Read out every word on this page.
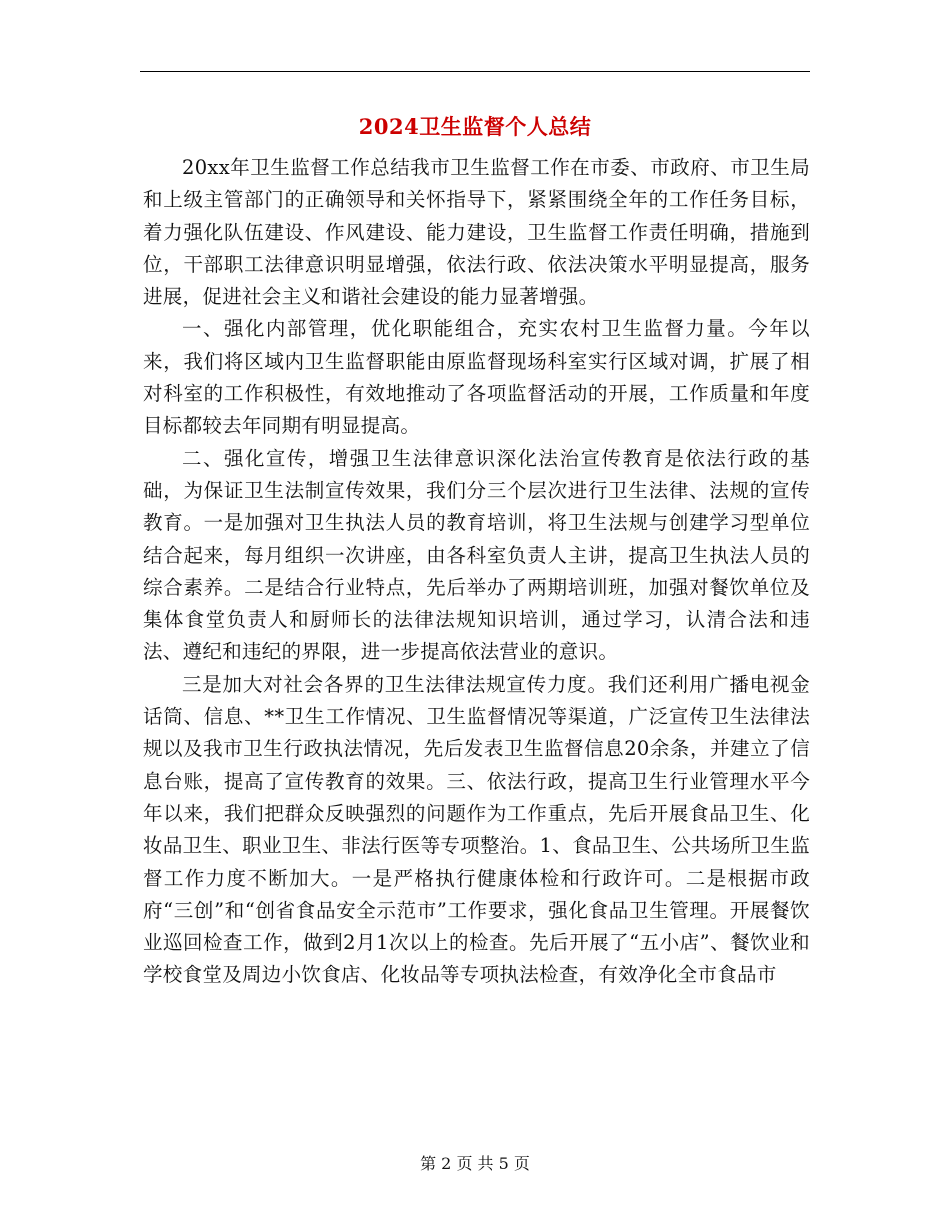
2024卫生监督个人总结

20xx年卫生监督工作总结我市卫生监督工作在市委、市政府、市卫生局和上级主管部门的正确领导和关怀指导下，紧紧围绕全年的工作任务目标，着力强化队伍建设、作风建设、能力建设，卫生监督工作责任明确，措施到位，干部职工法律意识明显增强，依法行政、依法决策水平明显提高，服务进展，促进社会主义和谐社会建设的能力显著增强。

一、强化内部管理，优化职能组合，充实农村卫生监督力量。今年以来，我们将区域内卫生监督职能由原监督现场科室实行区域对调，扩展了相对科室的工作积极性，有效地推动了各项监督活动的开展，工作质量和年度目标都较去年同期有明显提高。

二、强化宣传，增强卫生法律意识深化法治宣传教育是依法行政的基础，为保证卫生法制宣传效果，我们分三个层次进行卫生法律、法规的宣传教育。一是加强对卫生执法人员的教育培训，将卫生法规与创建学习型单位结合起来，每月组织一次讲座，由各科室负责人主讲，提高卫生执法人员的综合素养。二是结合行业特点，先后举办了两期培训班，加强对餐饮单位及集体食堂负责人和厨师长的法律法规知识培训，通过学习，认清合法和违法、遵纪和违纪的界限，进一步提高依法营业的意识。

三是加大对社会各界的卫生法律法规宣传力度。我们还利用广播电视金话筒、信息、**卫生工作情况、卫生监督情况等渠道，广泛宣传卫生法律法规以及我市卫生行政执法情况，先后发表卫生监督信息20余条，并建立了信息台账，提高了宣传教育的效果。三、依法行政，提高卫生行业管理水平今年以来，我们把群众反映强烈的问题作为工作重点，先后开展食品卫生、化妆品卫生、职业卫生、非法行医等专项整治。1、食品卫生、公共场所卫生监督工作力度不断加大。一是严格执行健康体检和行政许可。二是根据市政府“三创”和“创省食品安全示范市”工作要求，强化食品卫生管理。开展餐饮业巡回检查工作，做到2月1次以上的检查。先后开展了“五小店”、餐饮业和学校食堂及周边小饮食店、化妆品等专项执法检查，有效净化全市食品市

第 2 页 共 5 页
